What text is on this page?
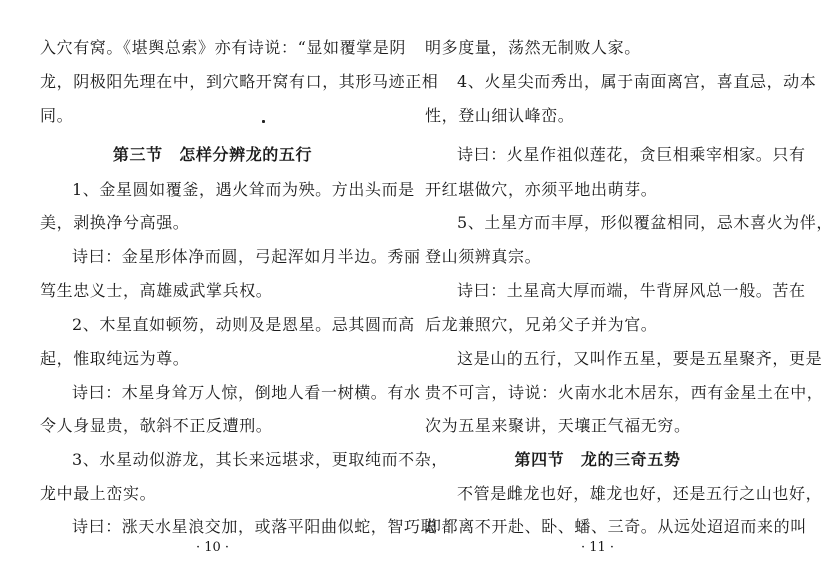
入穴有窝。《堪舆总索》亦有诗说：“显如覆掌是阴
龙，阴极阳先理在中，到穴略开窝有口，其形马迹正相
同。
第三节　怎样分辨龙的五行
1、金星圆如覆釜，遇火耸而为殃。方出头而是
美，剥换净兮高强。
诗曰：金星形体净而圆，弓起浑如月半边。秀丽
笃生忠义士，高雄威武掌兵权。
2、木星直如顿笏，动则及是恩星。忌其圆而高
起，惟取纯远为尊。
诗曰：木星身耸万人惊，倒地人看一树横。有水
令人身显贵，欹斜不正反遭刑。
3、水星动似游龙，其长来远堪求，更取纯而不杂，
龙中最上峦实。
诗曰：涨天水星浪交加，或落平阳曲似蛇，智巧聪
· 10 ·
明多度量，荡然无制败人家。
4、火星尖而秀出，属于南面离宫，喜直忌，动本
性，登山细认峰峦。
诗曰：火星作祖似莲花，贪巨相乘宰相家。只有
开红堪做穴，亦须平地出萌芽。
5、土星方而丰厚，形似覆盆相同，忌木喜火为伴，
登山须辨真宗。
诗曰：土星高大厚而端，牛背屏风总一般。苦在
后龙兼照穴，兄弟父子并为官。
这是山的五行，又叫作五星，要是五星聚齐，更是
贵不可言，诗说：火南水北木居东，西有金星土在中，
次为五星来聚讲，天壤正气福无穷。
第四节　龙的三奇五势
不管是雌龙也好，雄龙也好，还是五行之山也好，
却都离不开赴、卧、蟠、三奇。从远处迢迢而来的叫
· 11 ·
